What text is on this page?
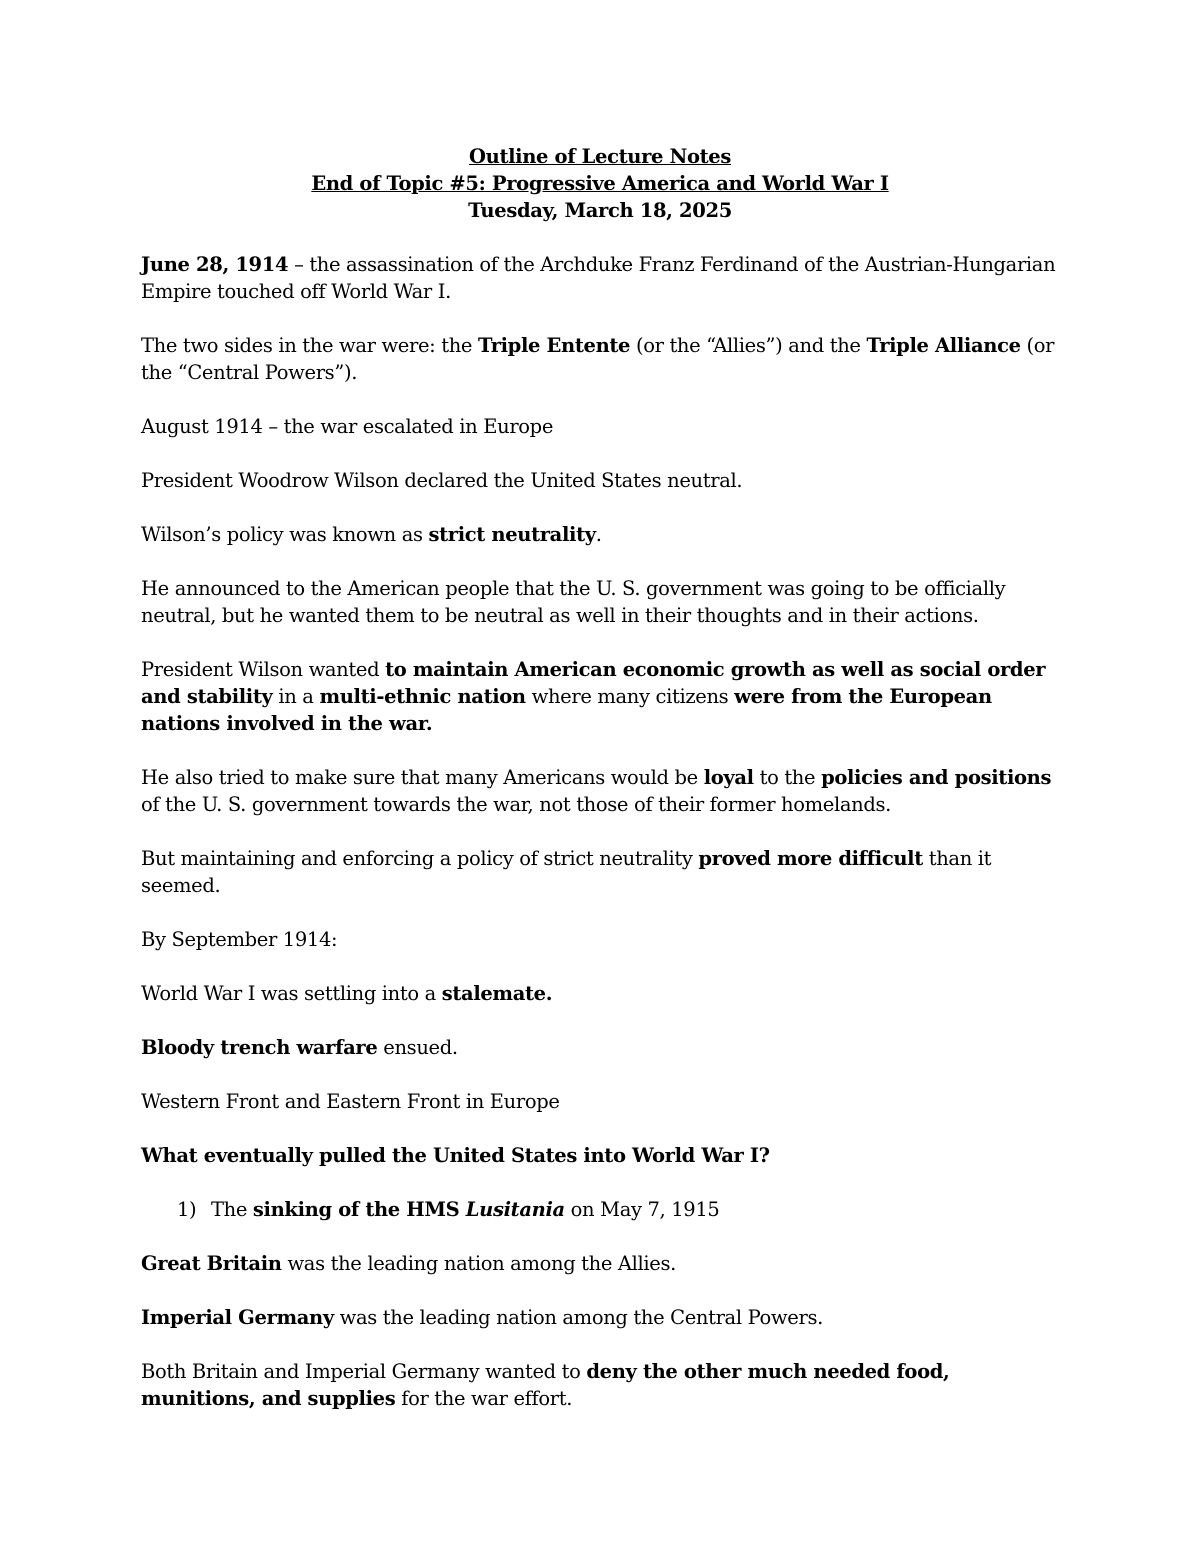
Outline of Lecture Notes
End of Topic #5: Progressive America and World War I
Tuesday, March 18, 2025

June 28, 1914 – the assassination of the Archduke Franz Ferdinand of the Austrian-Hungarian Empire touched off World War I.

The two sides in the war were: the Triple Entente (or the “Allies”) and the Triple Alliance (or the “Central Powers”).

August 1914 – the war escalated in Europe

President Woodrow Wilson declared the United States neutral.

Wilson’s policy was known as strict neutrality.

He announced to the American people that the U. S. government was going to be officially neutral, but he wanted them to be neutral as well in their thoughts and in their actions.

President Wilson wanted to maintain American economic growth as well as social order and stability in a multi-ethnic nation where many citizens were from the European nations involved in the war.

He also tried to make sure that many Americans would be loyal to the policies and positions of the U. S. government towards the war, not those of their former homelands.

But maintaining and enforcing a policy of strict neutrality proved more difficult than it seemed.

By September 1914:

World War I was settling into a stalemate.

Bloody trench warfare ensued.

Western Front and Eastern Front in Europe

What eventually pulled the United States into World War I?

1) The sinking of the HMS Lusitania on May 7, 1915

Great Britain was the leading nation among the Allies.

Imperial Germany was the leading nation among the Central Powers.

Both Britain and Imperial Germany wanted to deny the other much needed food, munitions, and supplies for the war effort.
